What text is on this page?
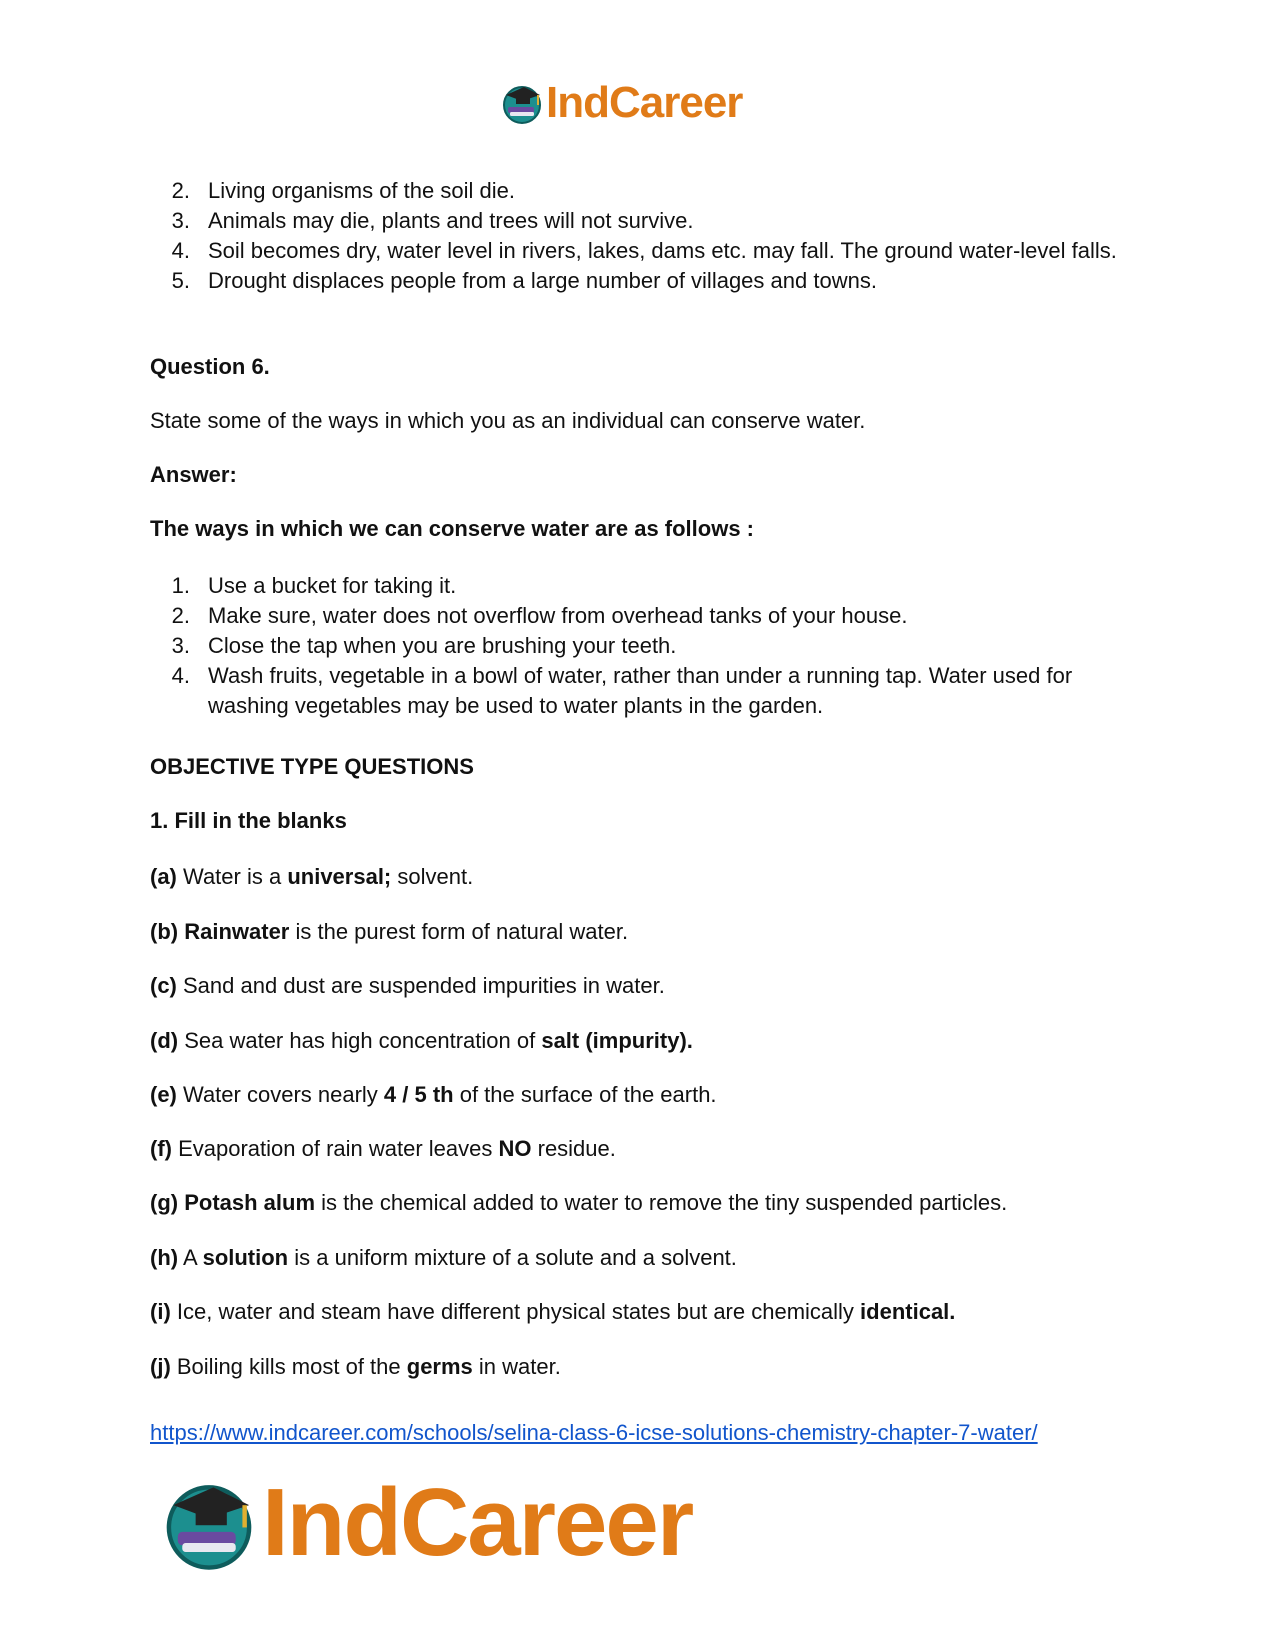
IndCareer
2. Living organisms of the soil die.
3. Animals may die, plants and trees will not survive.
4. Soil becomes dry, water level in rivers, lakes, dams etc. may fall. The ground water-level falls.
5. Drought displaces people from a large number of villages and towns.
Question 6.
State some of the ways in which you as an individual can conserve water.
Answer:
The ways in which we can conserve water are as follows :
1. Use a bucket for taking it.
2. Make sure, water does not overflow from overhead tanks of your house.
3. Close the tap when you are brushing your teeth.
4. Wash fruits, vegetable in a bowl of water, rather than under a running tap. Water used for washing vegetables may be used to water plants in the garden.
OBJECTIVE TYPE QUESTIONS
1. Fill in the blanks
(a) Water is a universal; solvent.
(b) Rainwater is the purest form of natural water.
(c) Sand and dust are suspended impurities in water.
(d) Sea water has high concentration of salt (impurity).
(e) Water covers nearly 4 / 5 th of the surface of the earth.
(f) Evaporation of rain water leaves NO residue.
(g) Potash alum is the chemical added to water to remove the tiny suspended particles.
(h) A solution is a uniform mixture of a solute and a solvent.
(i) Ice, water and steam have different physical states but are chemically identical.
(j) Boiling kills most of the germs in water.
https://www.indcareer.com/schools/selina-class-6-icse-solutions-chemistry-chapter-7-water/
IndCareer
